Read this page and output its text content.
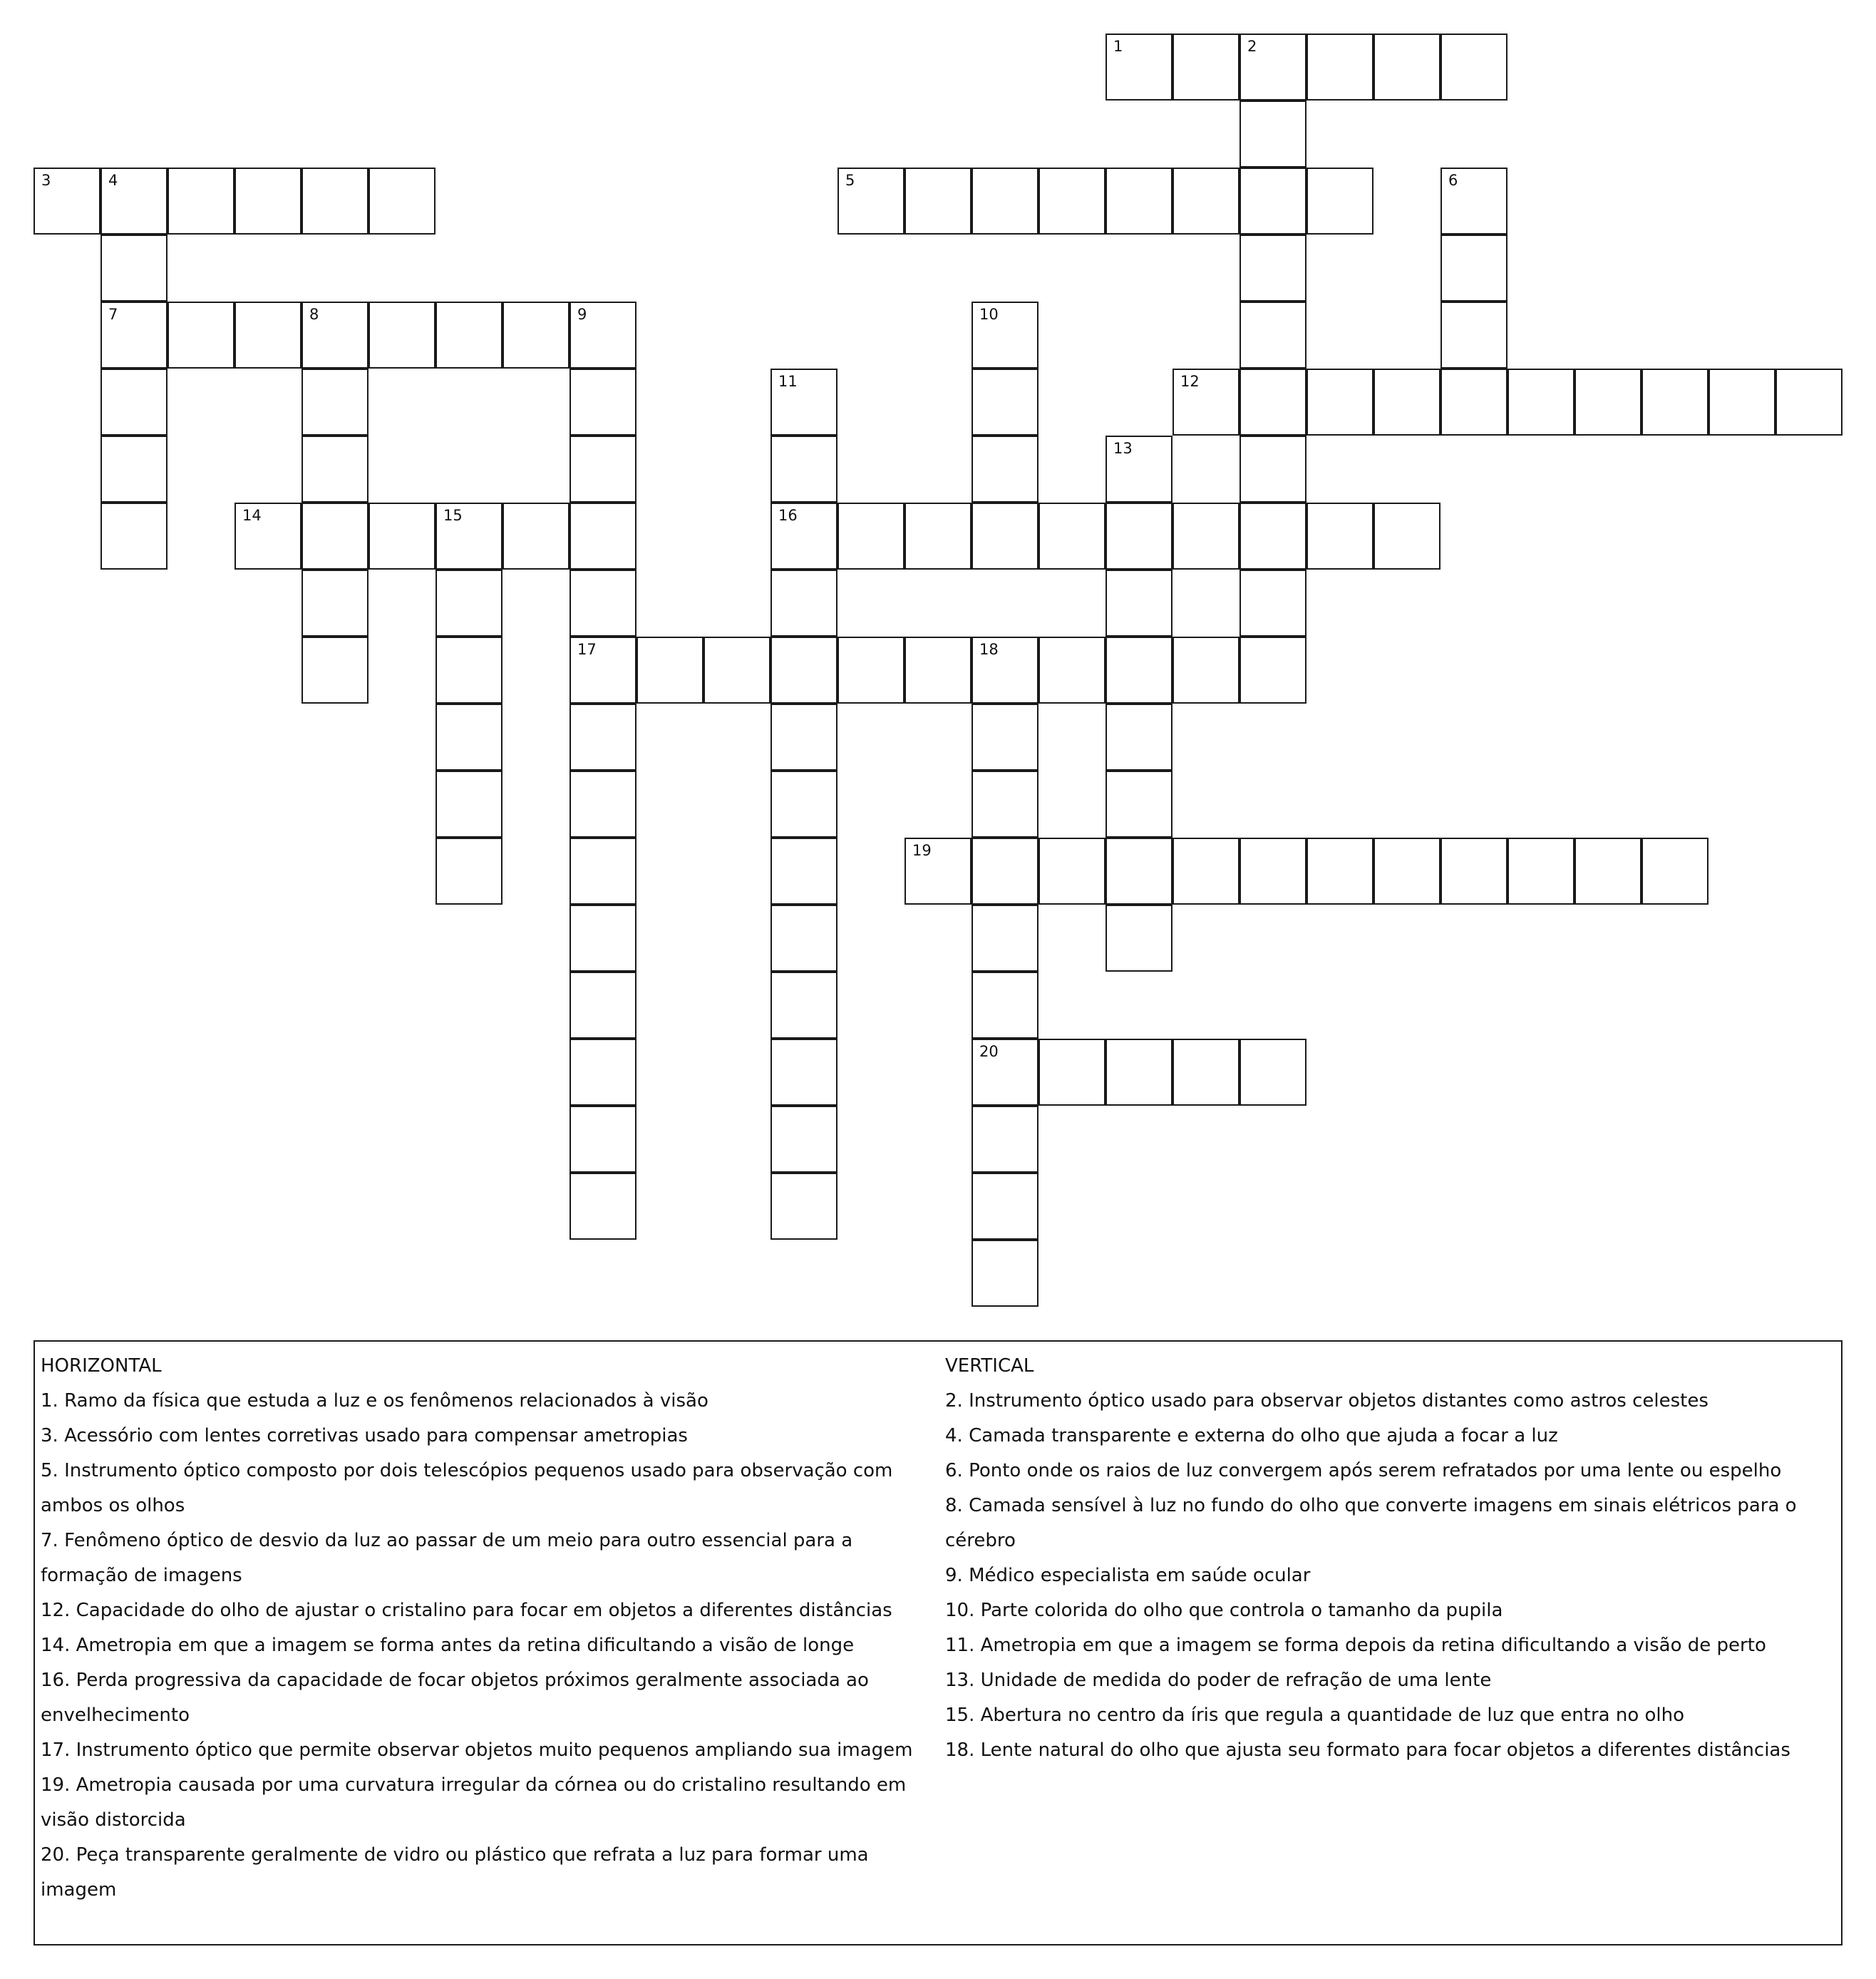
1	2
3	4
7
5	6
8	9
17
10
11
16
12
13
14	15
18
20
19
HORIZONTAL
1. Ramo da física que estuda a luz e os fenômenos relacionados à visão
3. Acessório com lentes corretivas usado para compensar ametropias
5. Instrumento óptico composto por dois telescópios pequenos usado para observação com
ambos os olhos
7. Fenômeno óptico de desvio da luz ao passar de um meio para outro essencial para a
formação de imagens
12. Capacidade do olho de ajustar o cristalino para focar em objetos a diferentes distâncias
14. Ametropia em que a imagem se forma antes da retina dificultando a visão de longe
16. Perda progressiva da capacidade de focar objetos próximos geralmente associada ao
envelhecimento
17. Instrumento óptico que permite observar objetos muito pequenos ampliando sua imagem
19. Ametropia causada por uma curvatura irregular da córnea ou do cristalino resultando em
visão distorcida
20. Peça transparente geralmente de vidro ou plástico que refrata a luz para formar uma
imagem
VERTICAL
2. Instrumento óptico usado para observar objetos distantes como astros celestes
4. Camada transparente e externa do olho que ajuda a focar a luz
6. Ponto onde os raios de luz convergem após serem refratados por uma lente ou espelho
8. Camada sensível à luz no fundo do olho que converte imagens em sinais elétricos para o
cérebro
9. Médico especialista em saúde ocular
10. Parte colorida do olho que controla o tamanho da pupila
11. Ametropia em que a imagem se forma depois da retina dificultando a visão de perto
13. Unidade de medida do poder de refração de uma lente
15. Abertura no centro da íris que regula a quantidade de luz que entra no olho
18. Lente natural do olho que ajusta seu formato para focar objetos a diferentes distâncias
